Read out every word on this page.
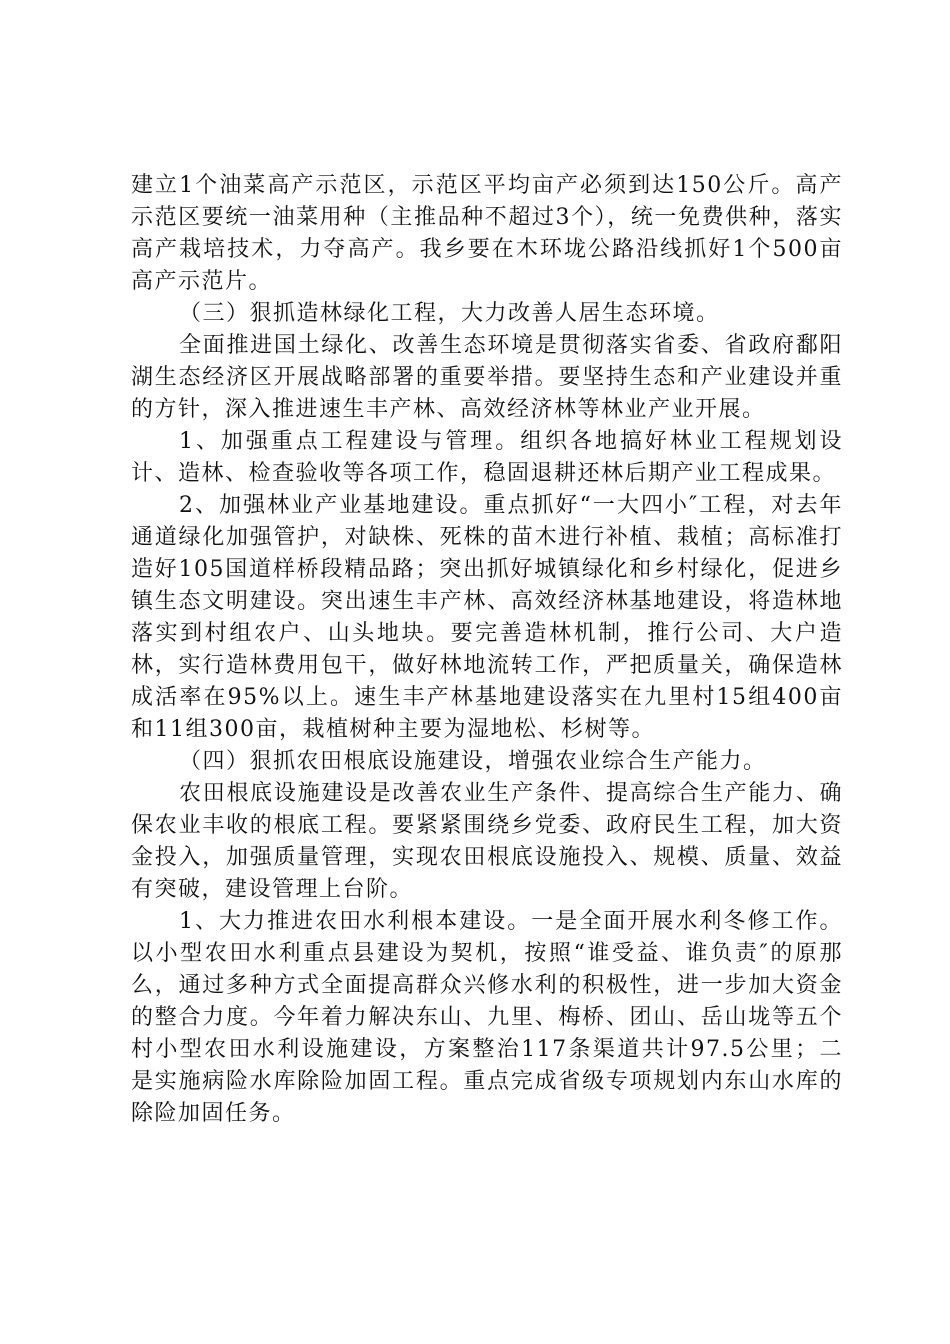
建立1个油菜高产示范区，示范区平均亩产必须到达150公斤。高产示范区要统一油菜用种（主推品种不超过3个），统一免费供种，落实高产栽培技术，力夺高产。我乡要在木环垅公路沿线抓好1个500亩高产示范片。

（三）狠抓造林绿化工程，大力改善人居生态环境。

全面推进国土绿化、改善生态环境是贯彻落实省委、省政府鄱阳湖生态经济区开展战略部署的重要举措。要坚持生态和产业建设并重的方针，深入推进速生丰产林、高效经济林等林业产业开展。

1、加强重点工程建设与管理。组织各地搞好林业工程规划设计、造林、检查验收等各项工作，稳固退耕还林后期产业工程成果。

2、加强林业产业基地建设。重点抓好“一大四小″工程，对去年通道绿化加强管护，对缺株、死株的苗木进行补植、栽植；高标准打造好105国道样桥段精品路；突出抓好城镇绿化和乡村绿化，促进乡镇生态文明建设。突出速生丰产林、高效经济林基地建设，将造林地落实到村组农户、山头地块。要完善造林机制，推行公司、大户造林，实行造林费用包干，做好林地流转工作，严把质量关，确保造林成活率在95%以上。速生丰产林基地建设落实在九里村15组400亩和11组300亩，栽植树种主要为湿地松、杉树等。

（四）狠抓农田根底设施建设，增强农业综合生产能力。

农田根底设施建设是改善农业生产条件、提高综合生产能力、确保农业丰收的根底工程。要紧紧围绕乡党委、政府民生工程，加大资金投入，加强质量管理，实现农田根底设施投入、规模、质量、效益有突破，建设管理上台阶。

1、大力推进农田水利根本建设。一是全面开展水利冬修工作。以小型农田水利重点县建设为契机，按照“谁受益、谁负责″的原那么，通过多种方式全面提高群众兴修水利的积极性，进一步加大资金的整合力度。今年着力解决东山、九里、梅桥、团山、岳山垅等五个村小型农田水利设施建设，方案整治117条渠道共计97.5公里；二是实施病险水库除险加固工程。重点完成省级专项规划内东山水库的除险加固任务。
